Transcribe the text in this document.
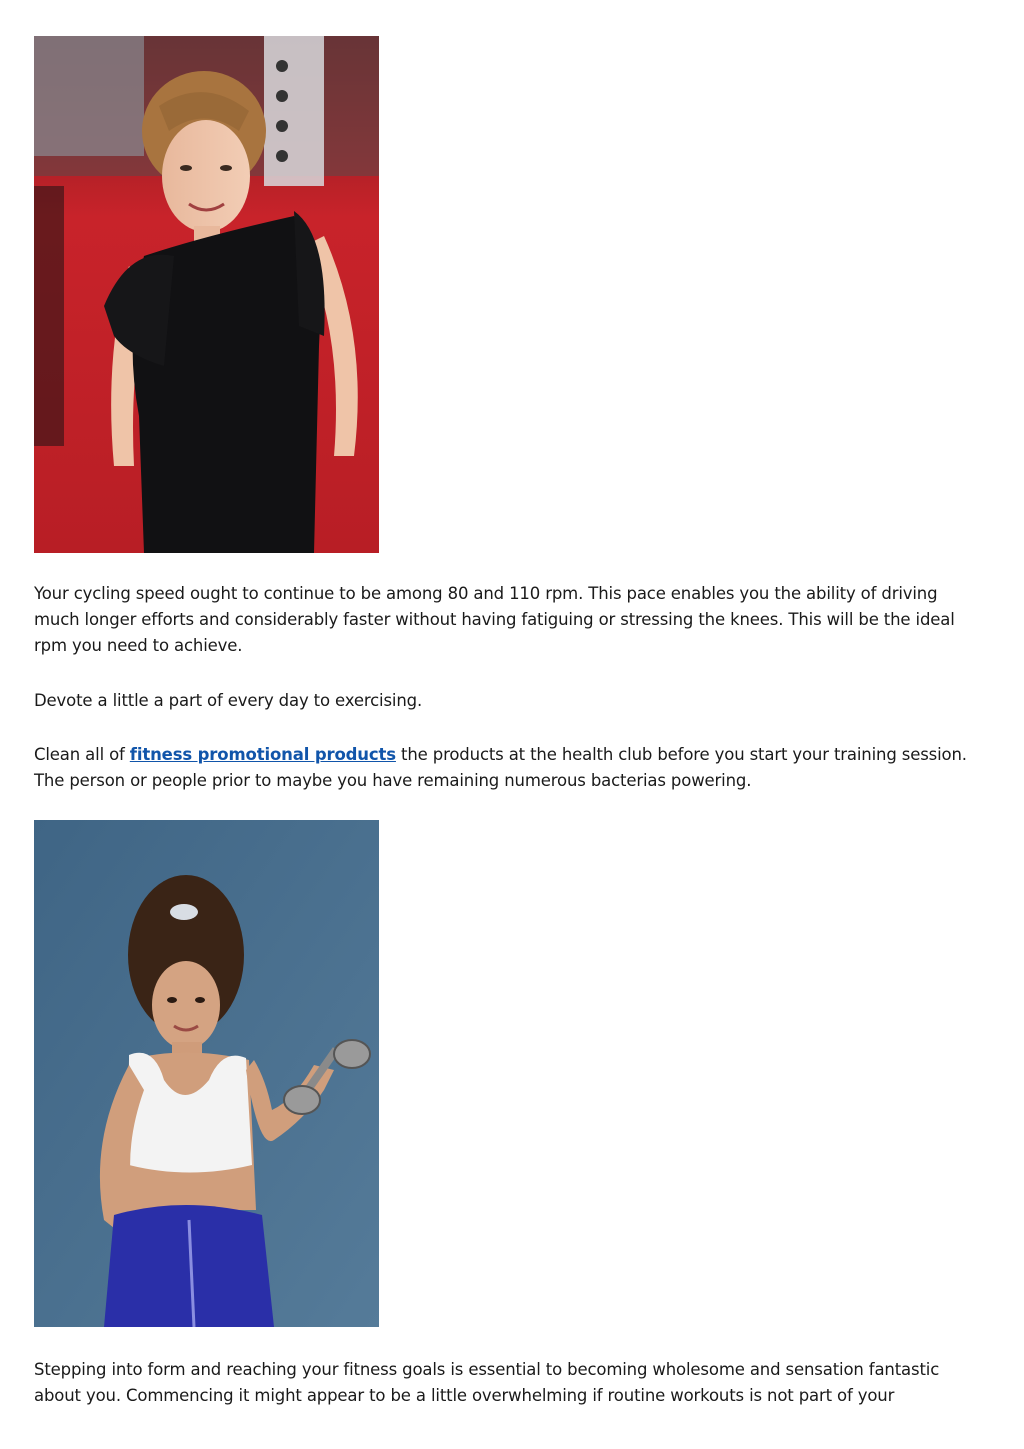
Your cycling speed ought to continue to be among 80 and 110 rpm. This pace enables you the ability of driving much longer efforts and considerably faster without having fatiguing or stressing the knees. This will be the ideal rpm you need to achieve.

Devote a little a part of every day to exercising.

Clean all of fitness promotional products the products at the health club before you start your training session. The person or people prior to maybe you have remaining numerous bacterias powering.

Stepping into form and reaching your fitness goals is essential to becoming wholesome and sensation fantastic about you. Commencing it might appear to be a little overwhelming if routine workouts is not part of your
